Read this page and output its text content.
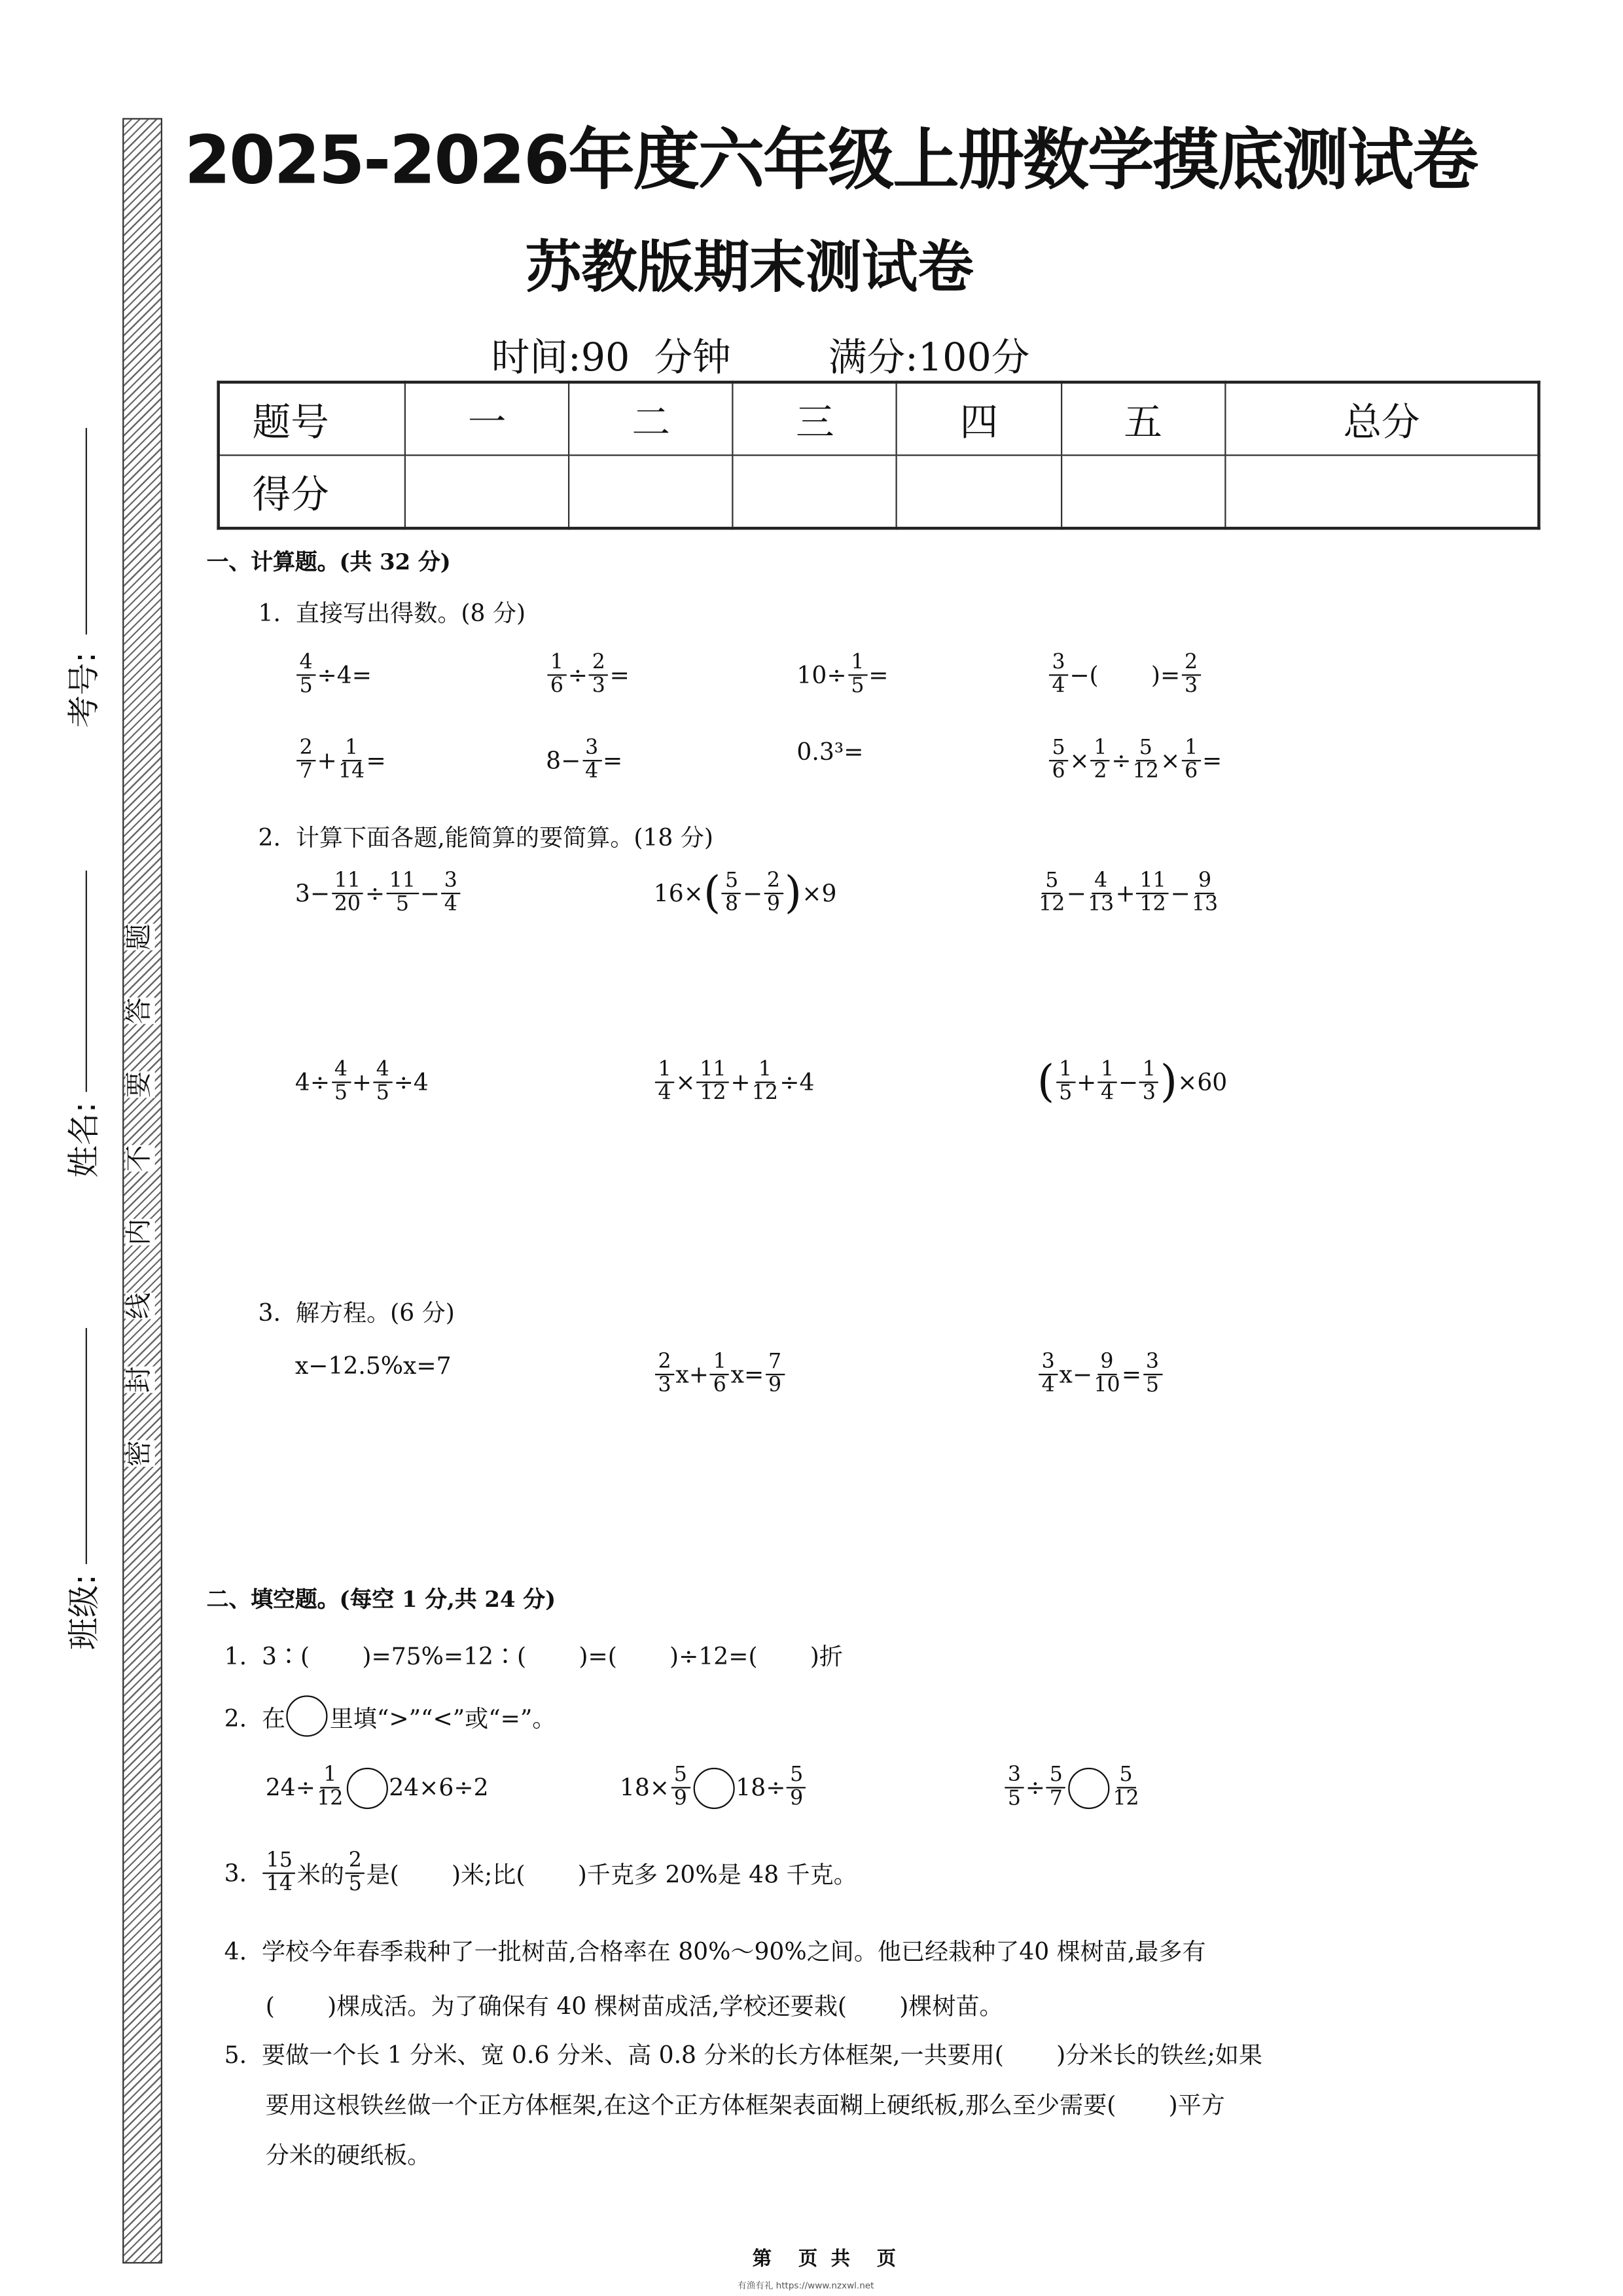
密
封
线
内
不
要
答
题
考号:
姓名:
班级:
2025-2026年度六年级上册数学摸底测试卷
苏教版期末测试卷
时间:90  分钟        满分:100分
题号	一	二	三	四	五	总分
得分						
一、计算题。(共 32 分)
1.  直接写出得数。(8 分)
2.  计算下面各题,能简算的要简算。(18 分)
3.  解方程。(6 分)
二、填空题。(每空 1 分,共 24 分)
$\frac{4}{5} \div 4=$	$\frac{1}{6} \div \frac{2}{3}$ =	$10\div \frac{1}{5}$ =	$\frac{3}{4}$ −(       )= $\frac{2}{3}$
$\frac{2}{7} + \frac{1}{14}$ =	$8- \frac{3}{4}$ =	0.3³=	$\frac{5}{6} \times \frac{1}{2} \div \frac{5}{12} \times \frac{1}{6}$ =
$3- \frac{11}{20} \div \frac{11}{5} - \frac{3}{4}$	16× ( $\frac{5}{8} - \frac{2}{9}$ ) ×9	$\frac{5}{12} - \frac{4}{13} + \frac{11}{12} - \frac{9}{13}$
$4\div \frac{4}{5} + \frac{4}{5} \div 4$	$\frac{1}{4} \times \frac{11}{12} + \frac{1}{12} \div 4$	( $\frac{1}{5} + \frac{1}{4} - \frac{1}{3}$ ) ×60
x−12.5%x=7	$\frac{2}{3} x+ \frac{1}{6} x= \frac{7}{9}$	$\frac{3}{4} x- \frac{9}{10} = \frac{3}{5}$
2.  在	里填“>”“<”或“=”。
$24\div \frac{1}{12}$	24×6÷2	$18\times \frac{5}{9}$	$18\div \frac{5}{9}$	$\frac{3}{5} \div \frac{5}{7}$	$\frac{5}{12}$
3. $\frac{15}{14}$ 米的 $\frac{2}{5}$ 是(       )米;比(       )千克多 20%是 48 千克。
(       )棵成活。为了确保有 40 棵树苗成活,学校还要栽(       )棵树苗。
4.  学校今年春季栽种了一批树苗,合格率在 80%～90%之间。他已经栽种了40 棵树苗,最多有
5.  要做一个长 1 分米、宽 0.6 分米、高 0.8 分米的长方体框架,一共要用(       )分米长的铁丝;如果
要用这根铁丝做一个正方体框架,在这个正方体框架表面糊上硬纸板,那么至少需要(       )平方
分米的硬纸板。
1.  3∶(       )=75%=12∶(       )=(       )÷12=(       )折
第    页  共    页
有渔有礼 https://www.nzxwl.net
